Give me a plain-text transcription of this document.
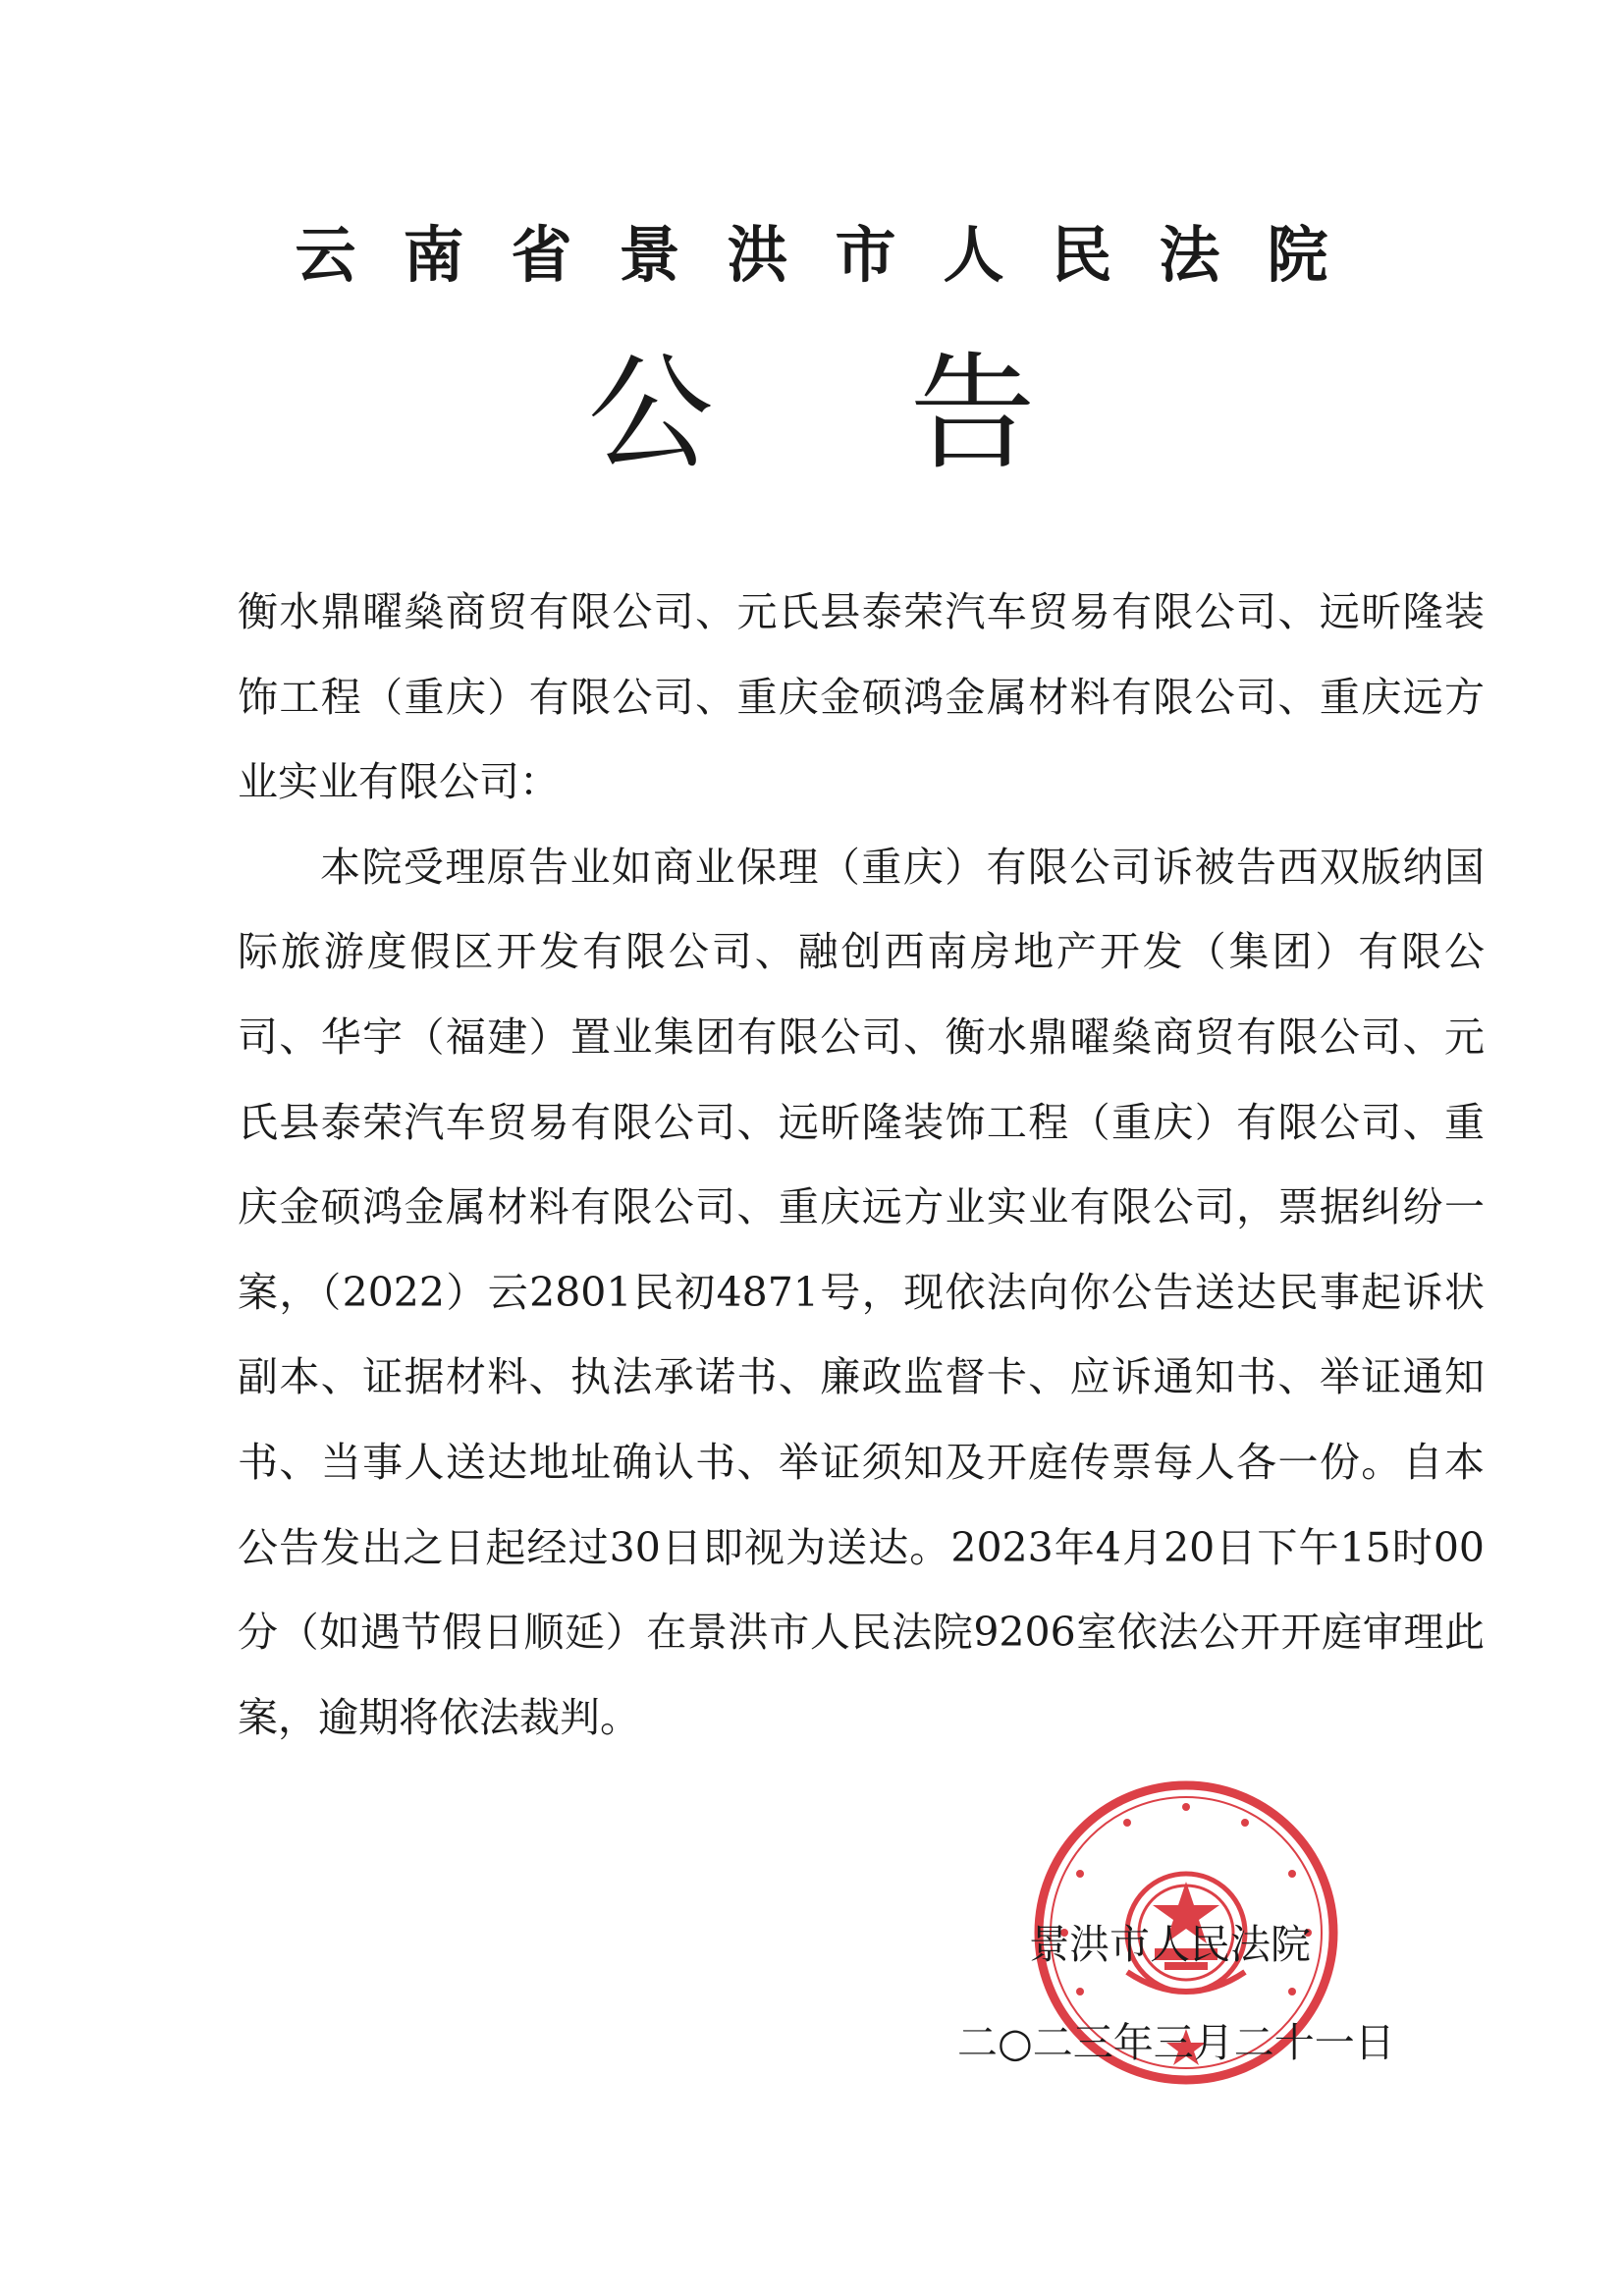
云南省景洪市人民法院
公告

衡水鼎曜燊商贸有限公司、元氏县泰荣汽车贸易有限公司、远昕隆装饰工程（重庆）有限公司、重庆金硕鸿金属材料有限公司、重庆远方业实业有限公司：

本院受理原告业如商业保理（重庆）有限公司诉被告西双版纳国际旅游度假区开发有限公司、融创西南房地产开发（集团）有限公司、华宇（福建）置业集团有限公司、衡水鼎曜燊商贸有限公司、元氏县泰荣汽车贸易有限公司、远昕隆装饰工程（重庆）有限公司、重庆金硕鸿金属材料有限公司、重庆远方业实业有限公司，票据纠纷一案，（2022）云2801民初4871号，现依法向你公告送达民事起诉状副本、证据材料、执法承诺书、廉政监督卡、应诉通知书、举证通知书、当事人送达地址确认书、举证须知及开庭传票每人各一份。自本公告发出之日起经过30日即视为送达。2023年4月20日下午15时00分（如遇节假日顺延）在景洪市人民法院9206室依法公开开庭审理此案，逾期将依法裁判。

景洪市人民法院
二○二三年三月二十一日
